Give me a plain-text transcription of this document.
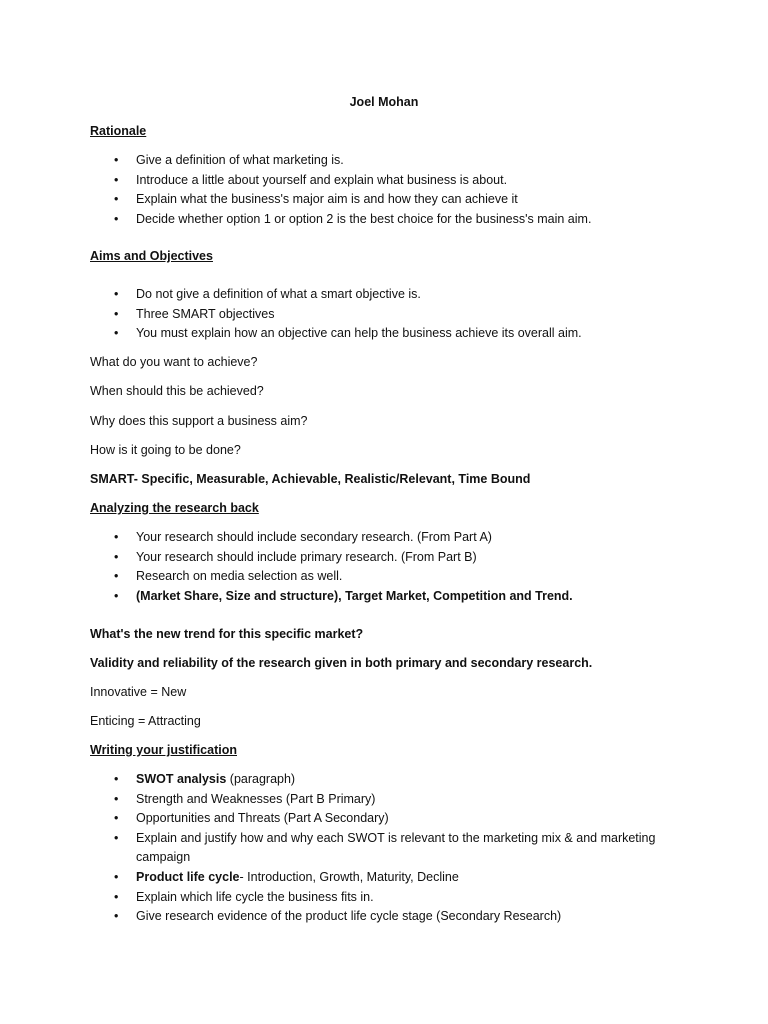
Joel Mohan
Rationale
• Give a definition of what marketing is.
• Introduce a little about yourself and explain what business is about.
• Explain what the business's major aim is and how they can achieve it
• Decide whether option 1 or option 2 is the best choice for the business's main aim.
Aims and Objectives
• Do not give a definition of what a smart objective is.
• Three SMART objectives
• You must explain how an objective can help the business achieve its overall aim.
What do you want to achieve?
When should this be achieved?
Why does this support a business aim?
How is it going to be done?
SMART- Specific, Measurable, Achievable, Realistic/Relevant, Time Bound
Analyzing the research back
• Your research should include secondary research. (From Part A)
• Your research should include primary research. (From Part B)
• Research on media selection as well.
• (Market Share, Size and structure), Target Market, Competition and Trend.
What's the new trend for this specific market?
Validity and reliability of the research given in both primary and secondary research.
Innovative = New
Enticing = Attracting
Writing your justification
• SWOT analysis (paragraph)
• Strength and Weaknesses (Part B Primary)
• Opportunities and Threats (Part A Secondary)
• Explain and justify how and why each SWOT is relevant to the marketing mix & and marketing campaign
• Product life cycle- Introduction, Growth, Maturity, Decline
• Explain which life cycle the business fits in.
• Give research evidence of the product life cycle stage (Secondary Research)
